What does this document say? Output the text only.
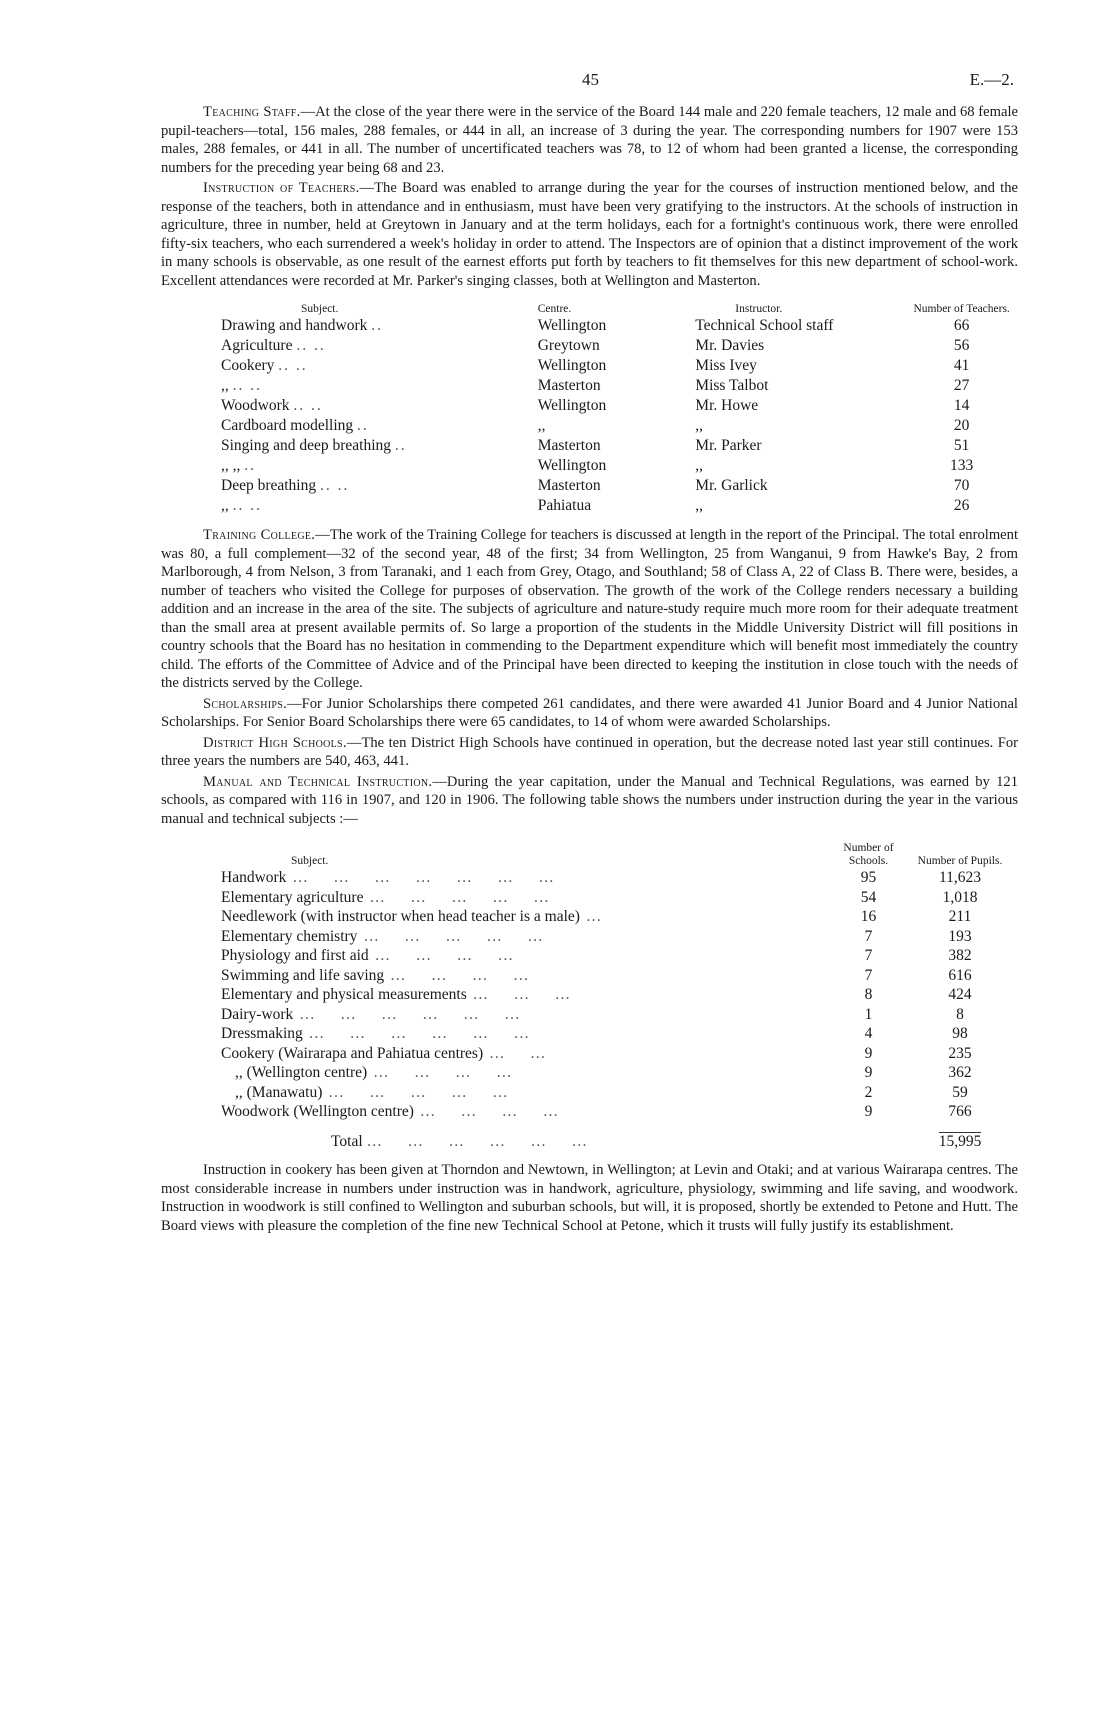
45	E.—2.

Teaching Staff.—At the close of the year there were in the service of the Board 144 male and 220 female teachers, 12 male and 68 female pupil-teachers—total, 156 males, 288 females, or 444 in all, an increase of 3 during the year. The corresponding numbers for 1907 were 153 males, 288 females, or 441 in all. The number of uncertificated teachers was 78, to 12 of whom had been granted a license, the corresponding numbers for the preceding year being 68 and 23.

Instruction of Teachers.—The Board was enabled to arrange during the year for the courses of instruction mentioned below, and the response of the teachers, both in attendance and in enthusiasm, must have been very gratifying to the instructors. At the schools of instruction in agriculture, three in number, held at Greytown in January and at the term holidays, each for a fortnight's continuous work, there were enrolled fifty-six teachers, who each surrendered a week's holiday in order to attend. The Inspectors are of opinion that a distinct improvement of the work in many schools is observable, as one result of the earnest efforts put forth by teachers to fit themselves for this new department of school-work. Excellent attendances were recorded at Mr. Parker's singing classes, both at Wellington and Masterton.

Subject.	Centre.	Instructor.	Number of Teachers.
Drawing and handwork ..	Wellington	Technical School staff	66
Agriculture .. ..	Greytown	Mr. Davies	56
Cookery .. ..	Wellington	Miss Ivey	41
,, .. ..	Masterton	Miss Talbot	27
Woodwork .. ..	Wellington	Mr. Howe	14
Cardboard modelling ..	,,	,,	20
Singing and deep breathing ..	Masterton	Mr. Parker	51
,, ,, ..	Wellington	,,	133
Deep breathing .. ..	Masterton	Mr. Garlick	70
,, .. ..	Pahiatua	,,	26

Training College.—The work of the Training College for teachers is discussed at length in the report of the Principal. The total enrolment was 80, a full complement—32 of the second year, 48 of the first; 34 from Wellington, 25 from Wanganui, 9 from Hawke's Bay, 2 from Marlborough, 4 from Nelson, 3 from Taranaki, and 1 each from Grey, Otago, and Southland; 58 of Class A, 22 of Class B. There were, besides, a number of teachers who visited the College for purposes of observation. The growth of the work of the College renders necessary a building addition and an increase in the area of the site. The subjects of agriculture and nature-study require much more room for their adequate treatment than the small area at present available permits of. So large a proportion of the students in the Middle University District will fill positions in country schools that the Board has no hesitation in commending to the Department expenditure which will benefit most immediately the country child. The efforts of the Committee of Advice and of the Principal have been directed to keeping the institution in close touch with the needs of the districts served by the College.

Scholarships.—For Junior Scholarships there competed 261 candidates, and there were awarded 41 Junior Board and 4 Junior National Scholarships. For Senior Board Scholarships there were 65 candidates, to 14 of whom were awarded Scholarships.

District High Schools.—The ten District High Schools have continued in operation, but the decrease noted last year still continues. For three years the numbers are 540, 463, 441.

Manual and Technical Instruction.—During the year capitation, under the Manual and Technical Regulations, was earned by 121 schools, as compared with 116 in 1907, and 120 in 1906. The following table shows the numbers under instruction during the year in the various manual and technical subjects :—

Subject.	Number of Schools.	Number of Pupils.
Handwork …    …    …    …    …    …    …	95	11,623
Elementary agriculture …    …    …    …    …	54	1,018
Needlework (with instructor when head teacher is a male) …	16	211
Elementary chemistry …    …    …    …    …	7	193
Physiology and first aid …    …    …    …	7	382
Swimming and life saving …    …    …    …	7	616
Elementary and physical measurements …    …    …	8	424
Dairy-work …    …    …    …    …    …	1	8
Dressmaking …    …    …    …    …    …	4	98
Cookery (Wairarapa and Pahiatua centres) …    …	9	235
,, (Wellington centre) …    …    …    …	9	362
,, (Manawatu) …    …    …    …    …	2	59
Woodwork (Wellington centre) …    …    …    …	9	766
Total …    …    …    …    …    …		15,995

Instruction in cookery has been given at Thorndon and Newtown, in Wellington; at Levin and Otaki; and at various Wairarapa centres. The most considerable increase in numbers under instruction was in handwork, agriculture, physiology, swimming and life saving, and woodwork. Instruction in woodwork is still confined to Wellington and suburban schools, but will, it is proposed, shortly be extended to Petone and Hutt. The Board views with pleasure the completion of the fine new Technical School at Petone, which it trusts will fully justify its establishment.
